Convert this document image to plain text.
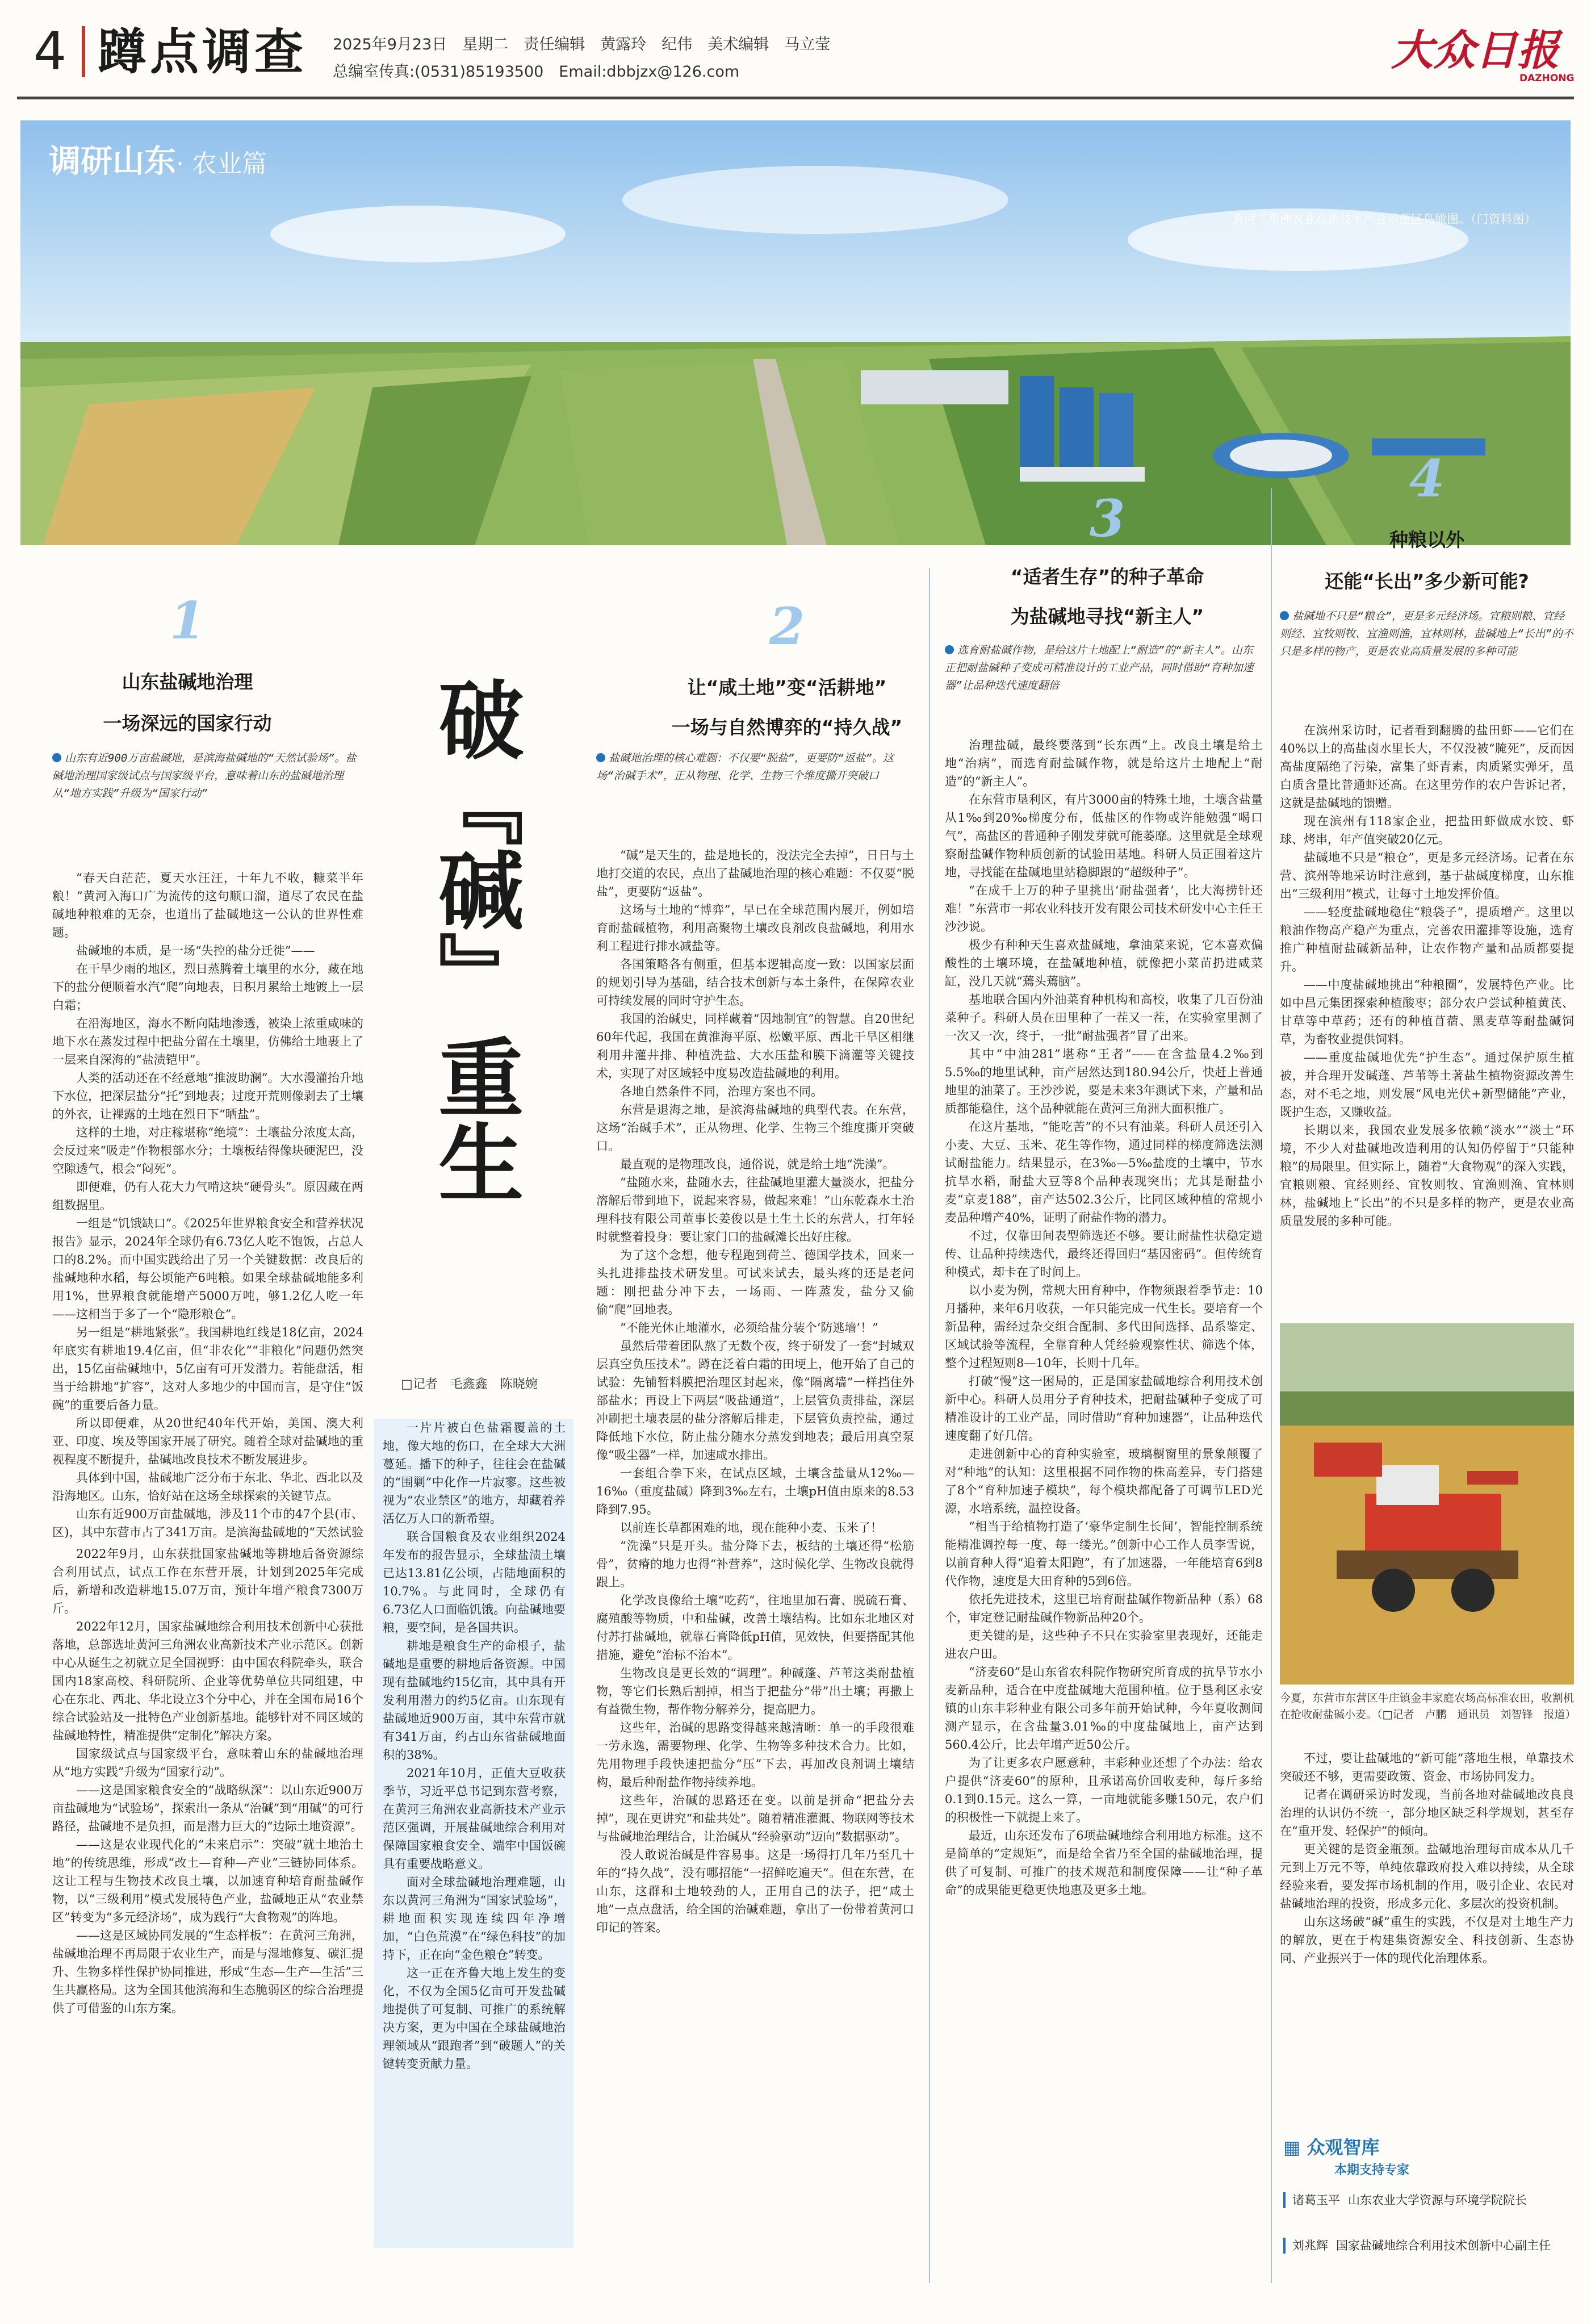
4 蹲点调查 2025年9月23日　星期二　责任编辑　黄露玲　纪伟　美术编辑　马立莹
总编室传真:(0531)85193500　Email:dbbjzx@126.com	大众日报
DAZHONG
调研山东· 农业篇
黄河三角洲农业高新技术产业示范区鸟瞰图。（门资料图）
1
山东盐碱地治理
一场深远的国家行动
山东有近900万亩盐碱地，是滨海盐碱地的“天然试验场”。盐碱地治理国家级试点与国家级平台，意味着山东的盐碱地治理从“地方实践”升级为“国家行动”

“春天白茫茫，夏天水汪汪，十年九不收，糠菜半年粮！”黄河入海口广为流传的这句顺口溜，道尽了农民在盐碱地种粮难的无奈，也道出了盐碱地这一公认的世界性难题。

盐碱地的本质，是一场“失控的盐分迁徙”——

在干旱少雨的地区，烈日蒸腾着土壤里的水分，藏在地下的盐分便顺着水汽“爬”向地表，日积月累给土地镀上一层白霜；

在沿海地区，海水不断向陆地渗透，被染上浓重咸味的地下水在蒸发过程中把盐分留在土壤里，仿佛给土地裹上了一层来自深海的“盐渍铠甲”。

人类的活动还在不经意地“推波助澜”。大水漫灌抬升地下水位，把深层盐分“托”到地表；过度开荒则像剥去了土壤的外衣，让裸露的土地在烈日下“晒盐”。

这样的土地，对庄稼堪称“绝境”：土壤盐分浓度太高，会反过来“吸走”作物根部水分；土壤板结得像块硬泥巴，没空隙透气，根会“闷死”。

即便难，仍有人花大力气啃这块“硬骨头”。原因藏在两组数据里。

一组是“饥饿缺口”。《2025年世界粮食安全和营养状况报告》显示，2024年全球仍有6.73亿人吃不饱饭，占总人口的8.2%。而中国实践给出了另一个关键数据：改良后的盐碱地种水稻，每公顷能产6吨粮。如果全球盐碱地能多利用1%，世界粮食就能增产5000万吨，够1.2亿人吃一年——这相当于多了一个“隐形粮仓”。

另一组是“耕地紧张”。我国耕地红线是18亿亩，2024年底实有耕地19.4亿亩，但“非农化”“非粮化”问题仍然突出，15亿亩盐碱地中，5亿亩有可开发潜力。若能盘活，相当于给耕地“扩容”，这对人多地少的中国而言，是守住“饭碗”的重要后备力量。

所以即便难，从20世纪40年代开始，美国、澳大利亚、印度、埃及等国家开展了研究。随着全球对盐碱地的重视程度不断提升，盐碱地改良技术不断发展进步。

具体到中国，盐碱地广泛分布于东北、华北、西北以及沿海地区。山东，恰好站在这场全球探索的关键节点。

山东有近900万亩盐碱地，涉及11个市的47个县(市、区)，其中东营市占了341万亩。是滨海盐碱地的“天然试验

2022年9月，山东获批国家盐碱地等耕地后备资源综合利用试点，试点工作在东营开展，计划到2025年完成后，新增和改造耕地15.07万亩，预计年增产粮食7300万斤。

2022年12月，国家盐碱地综合利用技术创新中心获批落地，总部选址黄河三角洲农业高新技术产业示范区。创新中心从诞生之初就立足全国视野：由中国农科院牵头，联合国内18家高校、科研院所、企业等优势单位共同组建，中心在东北、西北、华北设立3个分中心，并在全国布局16个综合试验站及一批特色产业创新基地。能够针对不同区域的盐碱地特性，精准提供“定制化”解决方案。

国家级试点与国家级平台，意味着山东的盐碱地治理从“地方实践”升级为“国家行动”。

——这是国家粮食安全的“战略纵深”：以山东近900万亩盐碱地为“试验场”，探索出一条从“治碱”到“用碱”的可行路径，盐碱地不是负担，而是潜力巨大的“边际土地资源”。

——这是农业现代化的“未来启示”：突破“就土地治土地”的传统思维，形成“改土—育种—产业”三链协同体系。这让工程与生物技术改良土壤，以加速育种培育耐盐碱作物，以“三级利用”模式发展特色产业，盐碱地正从“农业禁区”转变为“多元经济场”，成为践行“大食物观”的阵地。

——这是区域协同发展的“生态样板”：在黄河三角洲，盐碱地治理不再局限于农业生产，而是与湿地修复、碳汇提升、生物多样性保护协同推进，形成“生态—生产—生活”三生共赢格局。这为全国其他滨海和生态脆弱区的综合治理提供了可借鉴的山东方案。

破『碱』
重生
□记者　毛鑫鑫　陈晓婉

一片片被白色盐霜覆盖的土地，像大地的伤口，在全球大大洲蔓延。播下的种子，往往会在盐碱的“围剿”中化作一片寂寥。这些被视为“农业禁区”的地方，却藏着养活亿万人口的新希望。

联合国粮食及农业组织2024年发布的报告显示，全球盐渍土壤已达13.81亿公顷，占陆地面积的10.7%。与此同时，全球仍有6.73亿人口面临饥饿。向盐碱地要粮，要空间，是各国共识。

耕地是粮食生产的命根子，盐碱地是重要的耕地后备资源。中国现有盐碱地约15亿亩，其中具有开发利用潜力的约5亿亩。山东现有盐碱地近900万亩，其中东营市就有341万亩，约占山东省盐碱地面积的38%。

2021年10月，正值大豆收获季节，习近平总书记到东营考察，在黄河三角洲农业高新技术产业示范区强调，开展盐碱地综合利用对保障国家粮食安全、端牢中国饭碗具有重要战略意义。

面对全球盐碱地治理难题，山东以黄河三角洲为“国家试验场”，耕地面积实现连续四年净增加，“白色荒漠”在“绿色科技”的加持下，正在向“金色粮仓”转变。

这一正在齐鲁大地上发生的变化，不仅为全国5亿亩可开发盐碱地提供了可复制、可推广的系统解决方案，更为中国在全球盐碱地治理领域从“跟跑者”到“破题人”的关键转变贡献力量。

2
让“咸土地”变“活耕地”
一场与自然博弈的“持久战”
盐碱地治理的核心难题：不仅要“脱盐”，更要防“返盐”。这场“治碱手术”，正从物理、化学、生物三个维度撕开突破口

“碱”是天生的，盐是地长的，没法完全去掉”，日日与土地打交道的农民，点出了盐碱地治理的核心难题：不仅要“脱盐”，更要防“返盐”。

这场与土地的“博弈”，早已在全球范围内展开，例如培育耐盐碱植物，利用高聚物土壤改良剂改良盐碱地，利用水利工程进行排水减盐等。

各国策略各有侧重，但基本逻辑高度一致：以国家层面的规划引导为基础，结合技术创新与本土条件，在保障农业可持续发展的同时守护生态。

我国的治碱史，同样藏着“因地制宜”的智慧。自20世纪60年代起，我国在黄淮海平原、松嫩平原、西北干旱区相继利用井灌井排、种植洗盐、大水压盐和膜下滴灌等关键技术，实现了对区域轻中度易改造盐碱地的利用。

各地自然条件不同，治理方案也不同。

东营是退海之地，是滨海盐碱地的典型代表。在东营，这场“治碱手术”，正从物理、化学、生物三个维度撕开突破口。

最直观的是物理改良，通俗说，就是给土地“洗澡”。

“盐随水来，盐随水去，往盐碱地里灌大量淡水，把盐分溶解后带到地下，说起来容易，做起来难！”山东乾森水土治理科技有限公司董事长姜俊以是土生土长的东营人，打年轻时就整着投身：要让家门口的盐碱滩长出好庄稼。

为了这个念想，他专程跑到荷兰、德国学技术，回来一头扎进排盐技术研发里。可试来试去，最头疼的还是老问题：刚把盐分冲下去，一场雨、一阵蒸发，盐分又偷偷“爬”回地表。

“不能光休止地灌水，必须给盐分装个‘防逃墙’！”

虽然后带着团队熬了无数个夜，终于研发了一套“封城双层真空负压技术”。蹲在泛着白霜的田埂上，他开始了自己的试验：先铺暂料膜把治理区封起来，像“隔离墙”一样挡住外部盐水；再设上下两层“吸盐通道”，上层管负责排盐，深层冲刷把土壤表层的盐分溶解后排走，下层管负责控盐，通过降低地下水位，防止盐分随水分蒸发到地表；最后用真空泵像“吸尘器”一样，加速咸水排出。

一套组合拳下来，在试点区域，土壤含盐量从12‰—16‰（重度盐碱）降到3‰左右，土壤pH值由原来的8.53降到7.95。

以前连长草都困难的地，现在能种小麦、玉米了！

“洗澡”只是开头。盐分降下去，板结的土壤还得“松筋骨”，贫瘠的地力也得“补营养”，这时候化学、生物改良就得跟上。

化学改良像给土壤“吃药”，往地里加石膏、脱硫石膏、腐殖酸等物质，中和盐碱，改善土壤结构。比如东北地区对付苏打盐碱地，就靠石膏降低pH值，见效快，但要搭配其他措施，避免“治标不治本”。

生物改良是更长效的“调理”。种碱蓬、芦苇这类耐盐植物，等它们长熟后割掉，相当于把盐分“带”出土壤；再撒上有益微生物，帮作物分解养分，提高肥力。

这些年，治碱的思路变得越来越清晰：单一的手段很难一劳永逸，需要物理、化学、生物等多种技术合力。比如，先用物理手段快速把盐分“压”下去，再加改良剂调土壤结构，最后种耐盐作物持续养地。

这些年，治碱的思路还在变。以前是拼命“把盐分去掉”，现在更讲究“和盐共处”。随着精准灌溉、物联网等技术与盐碱地治理结合，让治碱从“经验驱动”迈向“数据驱动”。

没人敢说治碱是件容易事。这是一场得打几年乃至几十年的“持久战”，没有哪招能“一招鲜吃遍天”。但在东营，在山东，这群和土地较劲的人，正用自己的法子，把“咸土地”一点点盘活，给全国的治碱难题，拿出了一份带着黄河口印记的答案。

3
“适者生存”的种子革命
为盐碱地寻找“新主人”
选育耐盐碱作物，是给这片土地配上“耐造”的“新主人”。山东正把耐盐碱种子变成可精准设计的工业产品，同时借助“育种加速器”让品种迭代速度翻倍

治理盐碱，最终要落到“长东西”上。改良土壤是给土地“治病”，而选育耐盐碱作物，就是给这片土地配上“耐造”的“新主人”。

在东营市垦利区，有片3000亩的特殊土地，土壤含盐量从1‰到20‰梯度分布，低盐区的作物或许能勉强“喝口气”，高盐区的普通种子刚发芽就可能萎靡。这里就是全球观察耐盐碱作物种质创新的试验田基地。科研人员正围着这片地，寻找能在盐碱地里站稳脚跟的“超级种子”。

“在成千上万的种子里挑出‘耐盐强者’，比大海捞针还难！”东营市一邦农业科技开发有限公司技术研发中心主任王沙沙说。

极少有种种天生喜欢盐碱地，拿油菜来说，它本喜欢偏酸性的土壤环境，在盐碱地种植，就像把小菜苗扔进咸菜缸，没几天就“蔫头蔫脑”。

基地联合国内外油菜育种机构和高校，收集了几百份油菜种子。科研人员在田里种了一茬又一茬，在实验室里测了一次又一次，终于，一批“耐盐强者”冒了出来。

其中“中油281”堪称“王者”——在含盐量4.2‰到5.5‰的地里试种，亩产居然达到180.94公斤，快赶上普通地里的油菜了。王沙沙说，要是未来3年测试下来，产量和品质都能稳住，这个品种就能在黄河三角洲大面积推广。

在这片基地，“能吃苦”的不只有油菜。科研人员还引入小麦、大豆、玉米、花生等作物，通过同样的梯度筛选法测试耐盐能力。结果显示，在3‰—5‰盐度的土壤中，节水抗旱水稻，耐盐大豆等8个品种表现突出；尤其是耐盐小麦“京麦188”，亩产达502.3公斤，比同区域种植的常规小麦品种增产40%，证明了耐盐作物的潜力。

不过，仅靠田间表型筛选还不够。要让耐盐性状稳定遗传、让品种持续迭代，最终还得回归“基因密码”。但传统育种模式，却卡在了时间上。

以小麦为例，常规大田育种中，作物须跟着季节走：10月播种，来年6月收获，一年只能完成一代生长。要培育一个新品种，需经过杂交组合配制、多代田间选择、品系鉴定、区域试验等流程，全靠育种人凭经验观察性状、筛选个体，整个过程短则8—10年，长则十几年。

打破“慢”这一困局的，正是国家盐碱地综合利用技术创新中心。科研人员用分子育种技术，把耐盐碱种子变成了可精准设计的工业产品，同时借助“育种加速器”，让品种迭代速度翻了好几倍。

走进创新中心的育种实验室，玻璃橱窗里的景象颠覆了对“种地”的认知：这里根据不同作物的株高差异，专门搭建了8个“育种加速子模块”，每个模块都配备了可调节LED光源，水培系统，温控设备。

“相当于给植物打造了‘豪华定制生长间’，智能控制系统能精准调控每一度、每一缕光。”创新中心工作人员李雪说，以前育种人得“追着太阳跑”，有了加速器，一年能培育6到8代作物，速度是大田育种的5到6倍。

依托先进技术，这里已培育耐盐碱作物新品种（系）68个，审定登记耐盐碱作物新品种20个。

更关键的是，这些种子不只在实验室里表现好，还能走进农户田。

“济麦60”是山东省农科院作物研究所育成的抗旱节水小麦新品种，适合在中度盐碱地大范围种植。位于垦利区永安镇的山东丰彩种业有限公司多年前开始试种，今年夏收测间测产显示，在含盐量3.01‰的中度盐碱地上，亩产达到560.4公斤，比去年增产近50公斤。

为了让更多农户愿意种，丰彩种业还想了个办法：给农户提供“济麦60”的原种，且承诺高价回收麦种，每斤多给0.1到0.15元。这么一算，一亩地就能多赚150元，农户们的积极性一下就提上来了。

最近，山东还发布了6项盐碱地综合利用地方标准。这不是简单的“定规矩”，而是给全省乃至全国的盐碱地治理，提供了可复制、可推广的技术规范和制度保障——让“种子革命”的成果能更稳更快地惠及更多土地。

4
种粮以外
还能“长出”多少新可能?
盐碱地不只是“粮仓”，更是多元经济场。宜粮则粮、宜经则经、宜牧则牧、宜渔则渔，宜林则林，盐碱地上“长出”的不只是多样的物产，更是农业高质量发展的多种可能

在滨州采访时，记者看到翻腾的盐田虾——它们在40%以上的高盐卤水里长大，不仅没被“腌死”，反而因高盐度隔绝了污染，富集了虾青素，肉质紧实弹牙，虽白质含量比普通虾还高。在这里劳作的农户告诉记者，这就是盐碱地的馈赠。

现在滨州有118家企业，把盐田虾做成水饺、虾球、烤串，年产值突破20亿元。

盐碱地不只是“粮仓”，更是多元经济场。记者在东营、滨州等地采访时注意到，基于盐碱度梯度，山东推出“三级利用”模式，让每寸土地发挥价值。

——轻度盐碱地稳住“粮袋子”，提质增产。这里以粮油作物高产稳产为重点，完善农田灌排等设施，选育推广种植耐盐碱新品种，让农作物产量和品质都要提升。

——中度盐碱地挑出“种粮圈”，发展特色产业。比如中昌元集团探索种植酸枣；部分农户尝试种植黄芪、甘草等中草药；还有的种植苜蓿、黑麦草等耐盐碱饲草，为畜牧业提供饲料。

——重度盐碱地优先“护生态”。通过保护原生植被，并合理开发碱蓬、芦苇等土著盐生植物资源改善生态，对不毛之地，则发展“风电光伏+新型储能”产业，既护生态，又赚收益。

长期以来，我国农业发展多依赖“淡水”“淡土”环境，不少人对盐碱地改造利用的认知仍停留于“只能种粮”的局限里。但实际上，随着“大食物观”的深入实践，宜粮则粮、宜经则经、宜牧则牧、宜渔则渔、宜林则林，盐碱地上“长出”的不只是多样的物产，更是农业高质量发展的多种可能。

今夏，东营市东营区牛庄镇金丰家庭农场高标准农田，收割机在抢收耐盐碱小麦。（□记者　卢鹏　通讯员　刘智锋　报道）

不过，要让盐碱地的“新可能”落地生根，单靠技术突破还不够，更需要政策、资金、市场协同发力。

记者在调研采访时发现，当前各地对盐碱地改良良治理的认识仍不统一，部分地区缺乏科学规划，甚至存在“重开发、轻保护”的倾向。

更关键的是资金瓶颈。盐碱地治理每亩成本从几千元到上万元不等，单纯依靠政府投入难以持续，从全球经验来看，要发挥市场机制的作用，吸引企业、农民对盐碱地治理的投资，形成多元化、多层次的投资机制。

山东这场破“碱”重生的实践，不仅是对土地生产力的解放，更在于构建集资源安全、科技创新、生态协同、产业振兴于一体的现代化治理体系。

▦ 众观智库
本期支持专家
诸葛玉平 山东农业大学资源与环境学院院长
刘兆辉 国家盐碱地综合利用技术创新中心副主任
